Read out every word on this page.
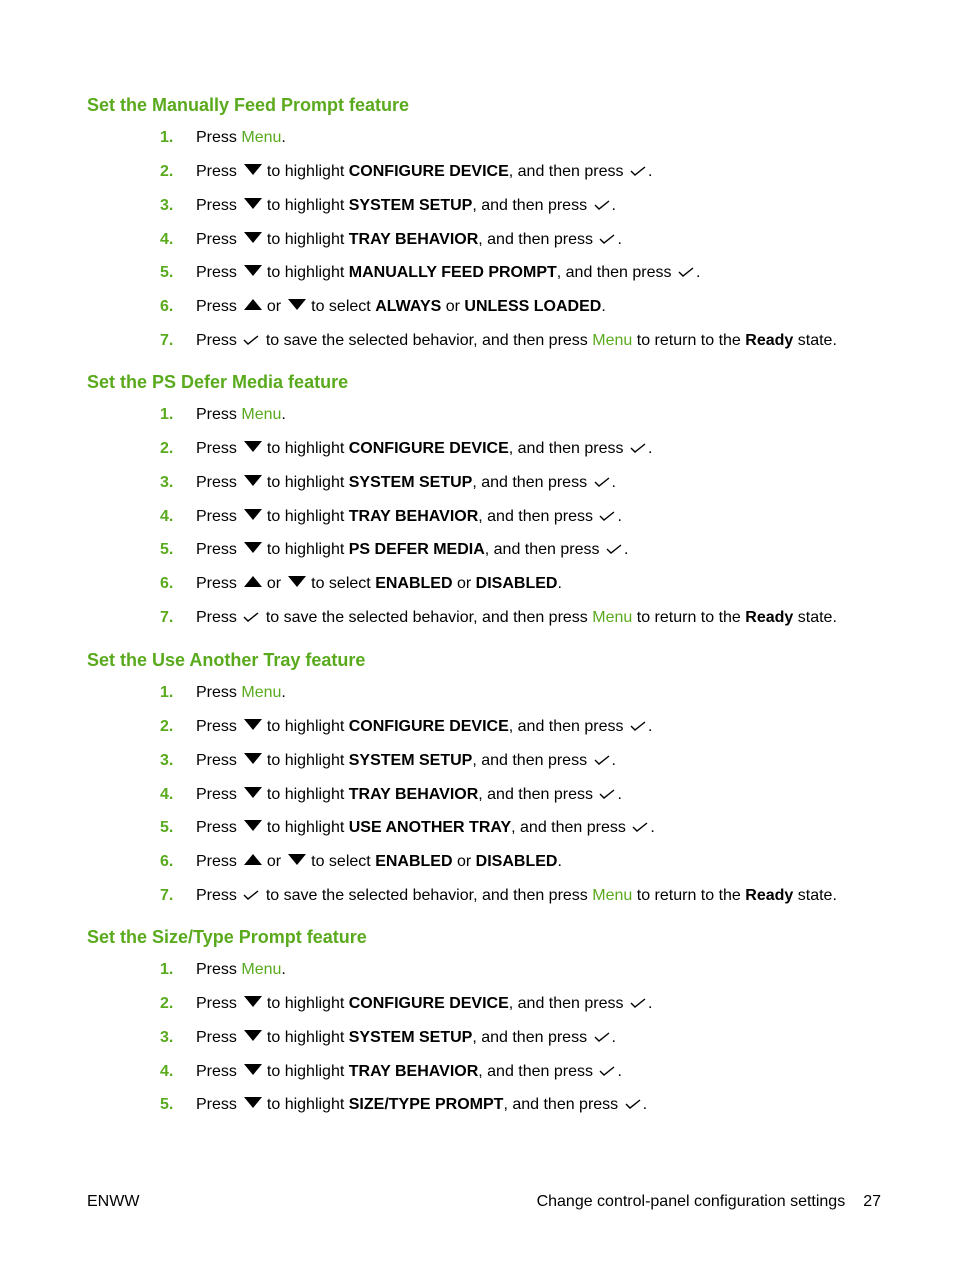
Set the Manually Feed Prompt feature
1. Press Menu.
2. Press to highlight CONFIGURE DEVICE, and then press .
3. Press to highlight SYSTEM SETUP, and then press .
4. Press to highlight TRAY BEHAVIOR, and then press .
5. Press to highlight MANUALLY FEED PROMPT, and then press .
6. Press or to select ALWAYS or UNLESS LOADED.
7. Press to save the selected behavior, and then press Menu to return to the Ready state.
Set the PS Defer Media feature
1. Press Menu.
2. Press to highlight CONFIGURE DEVICE, and then press .
3. Press to highlight SYSTEM SETUP, and then press .
4. Press to highlight TRAY BEHAVIOR, and then press .
5. Press to highlight PS DEFER MEDIA, and then press .
6. Press or to select ENABLED or DISABLED.
7. Press to save the selected behavior, and then press Menu to return to the Ready state.
Set the Use Another Tray feature
1. Press Menu.
2. Press to highlight CONFIGURE DEVICE, and then press .
3. Press to highlight SYSTEM SETUP, and then press .
4. Press to highlight TRAY BEHAVIOR, and then press .
5. Press to highlight USE ANOTHER TRAY, and then press .
6. Press or to select ENABLED or DISABLED.
7. Press to save the selected behavior, and then press Menu to return to the Ready state.
Set the Size/Type Prompt feature
1. Press Menu.
2. Press to highlight CONFIGURE DEVICE, and then press .
3. Press to highlight SYSTEM SETUP, and then press .
4. Press to highlight TRAY BEHAVIOR, and then press .
5. Press to highlight SIZE/TYPE PROMPT, and then press .
ENWW	Change control-panel configuration settings 27
